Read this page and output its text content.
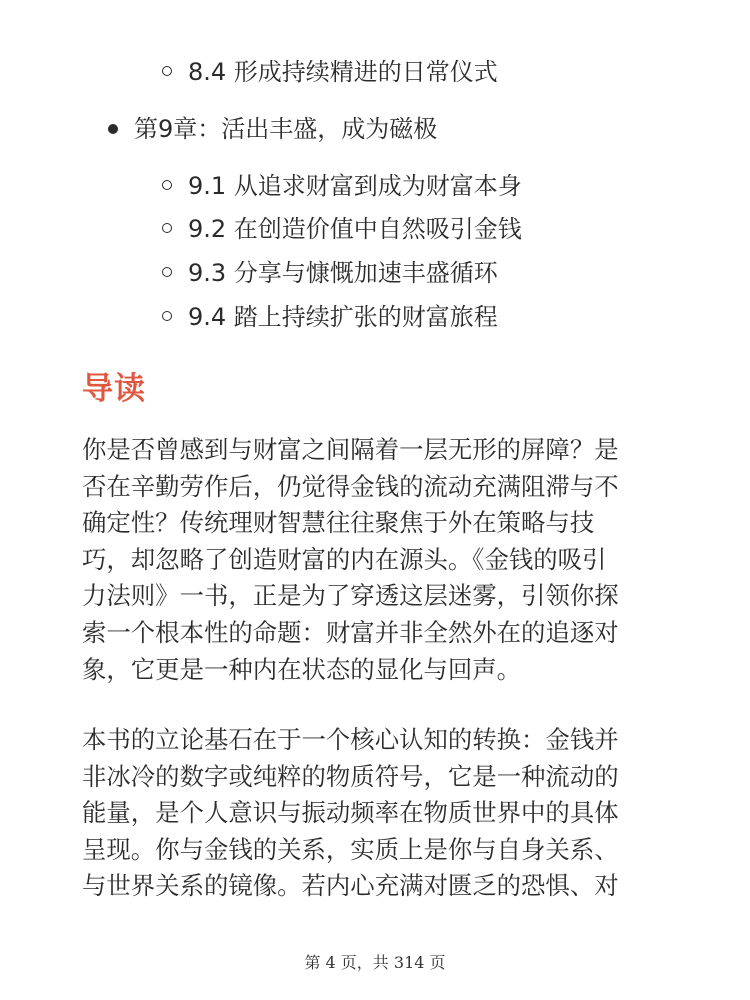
8.4 形成持续精进的日常仪式
第9章：活出丰盛，成为磁极
9.1 从追求财富到成为财富本身
9.2 在创造价值中自然吸引金钱
9.3 分享与慷慨加速丰盛循环
9.4 踏上持续扩张的财富旅程
导读
你是否曾感到与财富之间隔着一层无形的屏障？是
否在辛勤劳作后，仍觉得金钱的流动充满阻滞与不
确定性？传统理财智慧往往聚焦于外在策略与技
巧，却忽略了创造财富的内在源头。《金钱的吸引
力法则》一书，正是为了穿透这层迷雾，引领你探
索一个根本性的命题：财富并非全然外在的追逐对
象，它更是一种内在状态的显化与回声。
本书的立论基石在于一个核心认知的转换：金钱并
非冰冷的数字或纯粹的物质符号，它是一种流动的
能量，是个人意识与振动频率在物质世界中的具体
呈现。你与金钱的关系，实质上是你与自身关系、
与世界关系的镜像。若内心充满对匮乏的恐惧、对
第 4 页，共 314 页
